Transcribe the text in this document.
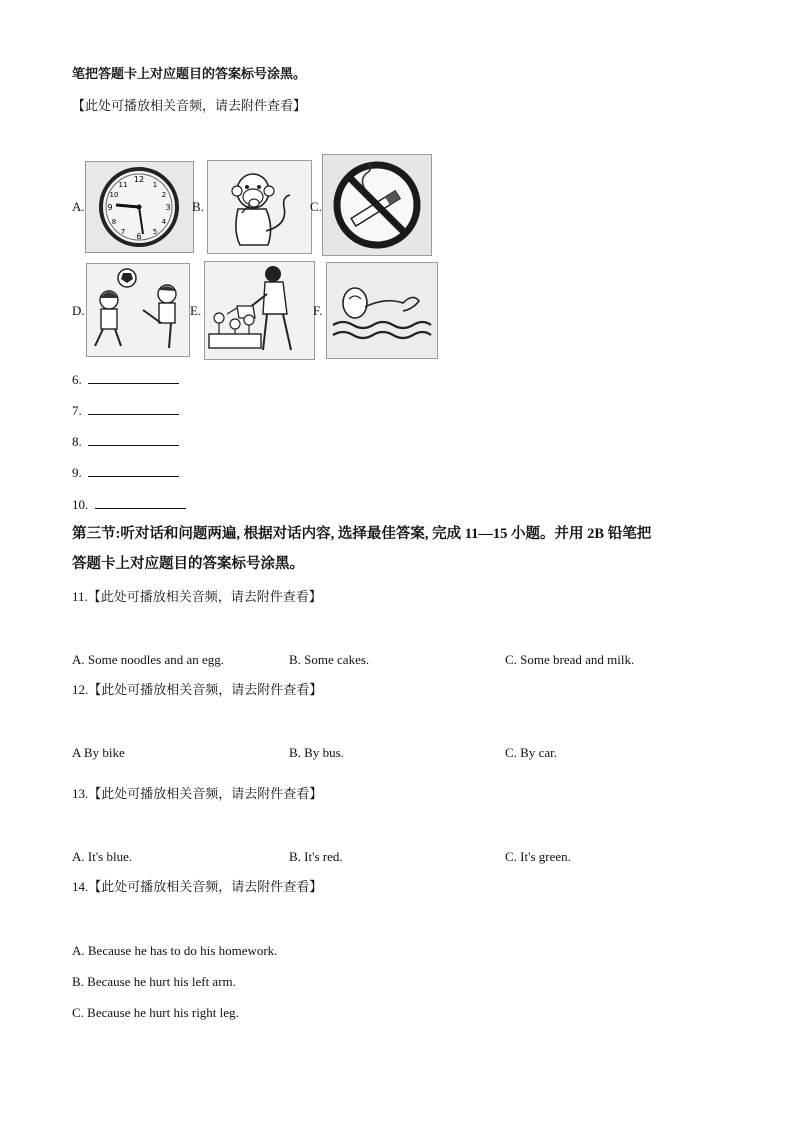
笔把答题卡上对应题目的答案标号涂黑。
【此处可播放相关音频，请去附件查看】
A.
12
3
6
9
1
2
4
5
7
8
10
11
B.	C.
D.	E.	F.
6.
7.
8.
9.
10.
第三节:听对话和问题两遍, 根据对话内容, 选择最佳答案, 完成 11—15 小题。并用 2B 铅笔把
答题卡上对应题目的答案标号涂黑。
11.【此处可播放相关音频，请去附件查看】
A. Some noodles and an egg.	B. Some cakes.	C. Some bread and milk.
12.【此处可播放相关音频，请去附件查看】
A By bike	B. By bus.	C. By car.
13.【此处可播放相关音频，请去附件查看】
A. It's blue.	B. It's red.	C. It's green.
14.【此处可播放相关音频，请去附件查看】
A. Because he has to do his homework.
B. Because he hurt his left arm.
C. Because he hurt his right leg.
